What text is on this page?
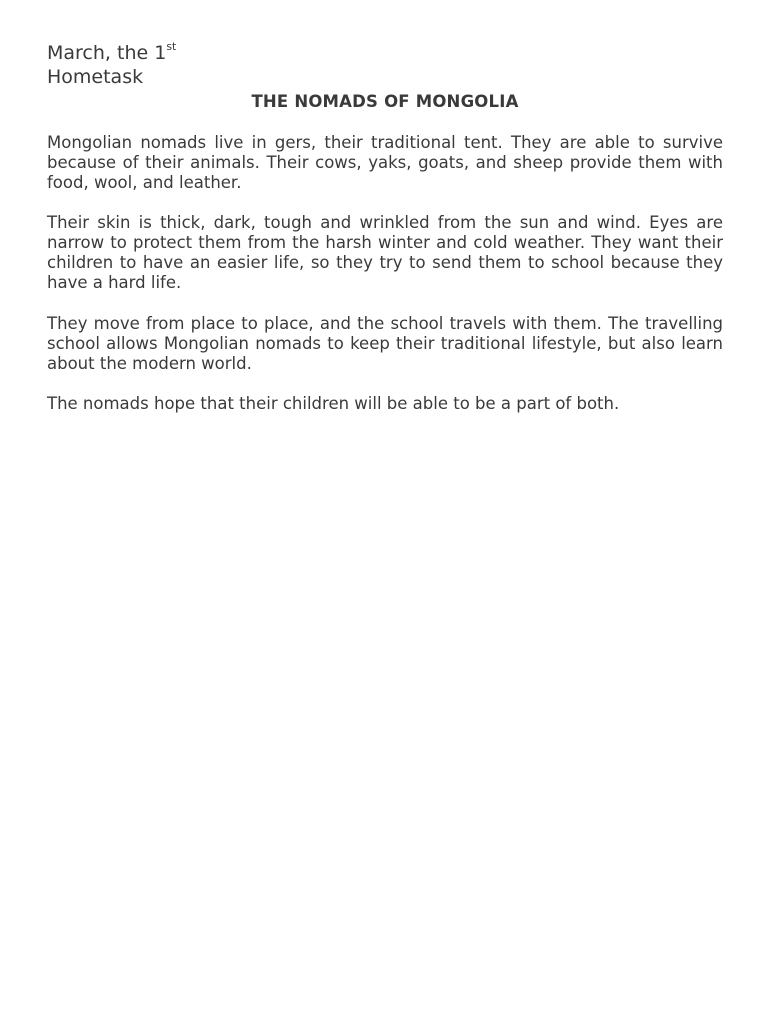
March, the 1st
Hometask
THE NOMADS OF MONGOLIA

Mongolian nomads live in gers, their traditional tent. They are able to survive because of their animals. Their cows, yaks, goats, and sheep provide them with food, wool, and leather.

Their skin is thick, dark, tough and wrinkled from the sun and wind. Eyes are narrow to protect them from the harsh winter and cold weather. They want their children to have an easier life, so they try to send them to school because they have a hard life.

They move from place to place, and the school travels with them. The travelling school allows Mongolian nomads to keep their traditional lifestyle, but also learn about the modern world.

The nomads hope that their children will be able to be a part of both.
